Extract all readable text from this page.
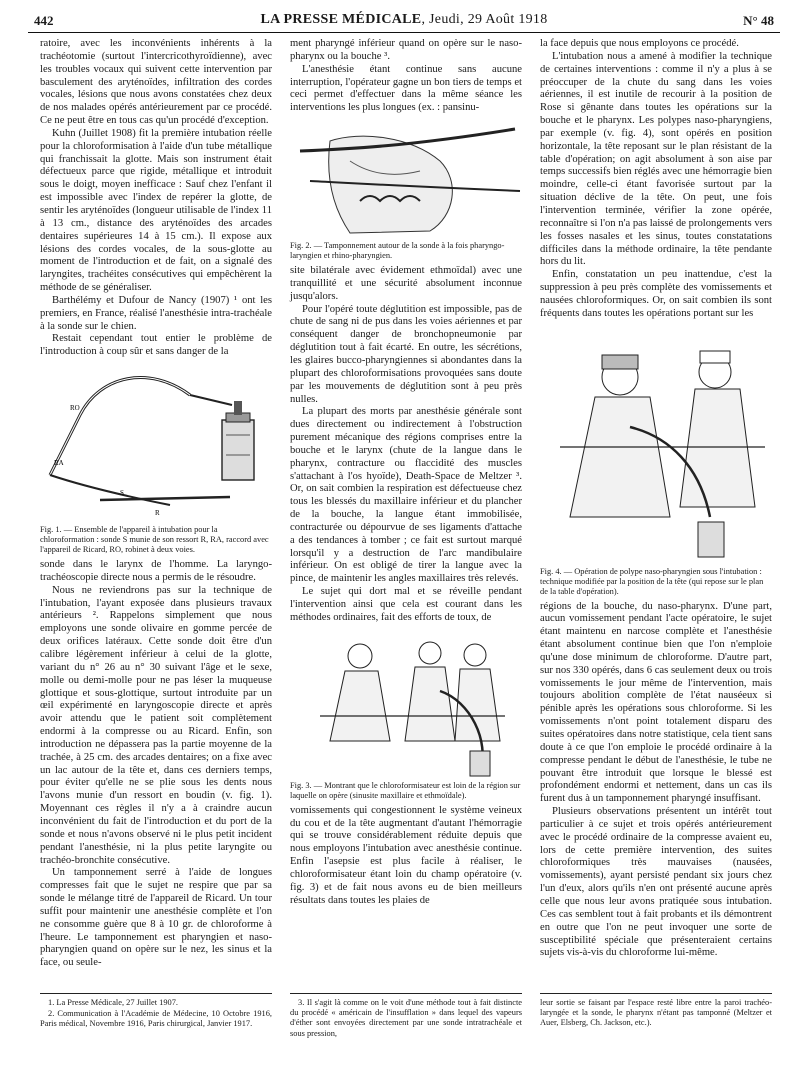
442	LA PRESSE MÉDICALE, Jeudi, 29 Août 1918	N° 48

ratoire, avec les inconvénients inhérents à la trachéotomie (surtout l'intercricothyroïdienne), avec les troubles vocaux qui suivent cette intervention par basculement des aryténoïdes, infiltration des cordes vocales, lésions que nous avons constatées chez deux de nos malades opérés antérieurement par ce procédé. Ce ne peut être en tous cas qu'un procédé d'exception.

Kuhn (Juillet 1908) fit la première intubation réelle pour la chloroformisation à l'aide d'un tube métallique qui franchissait la glotte. Mais son instrument était défectueux parce que rigide, métallique et introduit sous le doigt, moyen inefficace : Sauf chez l'enfant il est impossible avec l'index de repérer la glotte, de sentir les aryténoïdes (longueur utilisable de l'index 11 à 13 cm., distance des aryténoïdes des arcades dentaires supérieures 14 à 15 cm.). Il expose aux lésions des cordes vocales, de la sous-glotte au moment de l'introduction et de fait, on a signalé des laryngites, trachéites consécutives qui empêchèrent la méthode de se généraliser.

Barthélémy et Dufour de Nancy (1907) ¹ ont les premiers, en France, réalisé l'anesthésie intra-trachéale à la sonde sur le chien.

Restait cependant tout entier le problème de l'introduction à coup sûr et sans danger de la

RO
RA
S
R

Fig. 1. — Ensemble de l'appareil à intubation pour la chloroformation : sonde S munie de son ressort R, RA, raccord avec l'appareil de Ricard, RO, robinet à deux voies.

sonde dans le larynx de l'homme. La laryngo-trachéoscopie directe nous a permis de le résoudre.

Nous ne reviendrons pas sur la technique de l'intubation, l'ayant exposée dans plusieurs travaux antérieurs ². Rappelons simplement que nous employons une sonde olivaire en gomme percée de deux orifices latéraux. Cette sonde doit être d'un calibre légèrement inférieur à celui de la glotte, variant du n° 26 au n° 30 suivant l'âge et le sexe, molle ou demi-molle pour ne pas léser la muqueuse glottique et sous-glottique, surtout introduite par un œil expérimenté en laryngoscopie directe et après avoir attendu que le patient soit complètement endormi à la compresse ou au Ricard. Enfin, son introduction ne dépassera pas la partie moyenne de la trachée, à 25 cm. des arcades dentaires; on a fixe avec un lac autour de la tête et, dans ces derniers temps, pour éviter qu'elle ne se plie sous les dents nous l'avons munie d'un ressort en boudin (v. fig. 1). Moyennant ces règles il n'y a à craindre aucun inconvénient du fait de l'introduction et du port de la sonde et nous n'avons observé ni le plus petit incident pendant l'anesthésie, ni la plus petite laryngite ou trachéo-bronchite consécutive.

Un tamponnement serré à l'aide de longues compresses fait que le sujet ne respire que par sa sonde le mélange titré de l'appareil de Ricard. Un tour suffit pour maintenir une anesthésie complète et l'on ne consomme guère que 8 à 10 gr. de chloroforme à l'heure. Le tamponnement est pharyngien et naso-pharyngien quand on opère sur le nez, les sinus et la face, ou seule-

ment pharyngé inférieur quand on opère sur le naso-pharynx ou la bouche ³.

L'anesthésie étant continue sans aucune interruption, l'opérateur gagne un bon tiers de temps et ceci permet d'effectuer dans la même séance les interventions les plus longues (ex. : pansinu-

Fig. 2. — Tamponnement autour de la sonde à la fois pharyngo-laryngien et rhino-pharyngien.

site bilatérale avec évidement ethmoïdal) avec une tranquillité et une sécurité absolument inconnue jusqu'alors.

Pour l'opéré toute déglutition est impossible, pas de chute de sang ni de pus dans les voies aériennes et par conséquent danger de bronchopneumonie par déglutition tout à fait écarté. En outre, les sécrétions, les glaires bucco-pharyngiennes si abondantes dans la plupart des chloroformisations provoquées sans doute par les mouvements de déglutition sont à peu près nulles.

La plupart des morts par anesthésie générale sont dues directement ou indirectement à l'obstruction purement mécanique des régions comprises entre la bouche et le larynx (chute de la langue dans le pharynx, contracture ou flaccidité des muscles s'attachant à l'os hyoïde), Death-Space de Meltzer ³. Or, on sait combien la respiration est défectueuse chez tous les blessés du maxillaire inférieur et du plancher de la bouche, la langue étant immobilisée, contracturée ou dépourvue de ses ligaments d'attache a des tendances à tomber ; ce fait est surtout marqué lorsqu'il y a destruction de l'arc mandibulaire inférieur. On est obligé de tirer la langue avec la pince, de maintenir les angles maxillaires très relevés.

Le sujet qui dort mal et se réveille pendant l'intervention ainsi que cela est courant dans les méthodes ordinaires, fait des efforts de toux, de

Fig. 3. — Montrant que le chloroformisateur est loin de la région sur laquelle on opère (sinusite maxillaire et ethmoïdale).

vomissements qui congestionnent le système veineux du cou et de la tête augmentant d'autant l'hémorragie qui se trouve considérablement réduite depuis que nous employons l'intubation avec anesthésie continue. Enfin l'asepsie est plus facile à réaliser, le chloroformisateur étant loin du champ opératoire (v. fig. 3) et de fait nous avons eu de bien meilleurs résultats dans toutes les plaies de

la face depuis que nous employons ce procédé.

L'intubation nous a amené à modifier la technique de certaines interventions : comme il n'y a plus à se préoccuper de la chute du sang dans les voies aériennes, il est inutile de recourir à la position de Rose si gênante dans toutes les opérations sur la bouche et le pharynx. Les polypes naso-pharyngiens, par exemple (v. fig. 4), sont opérés en position horizontale, la tête reposant sur le plan résistant de la table d'opération; on agit absolument à son aise par temps successifs bien réglés avec une hémorragie bien moindre, celle-ci étant favorisée surtout par la situation déclive de la tête. On peut, une fois l'intervention terminée, vérifier la zone opérée, reconnaître si l'on n'a pas laissé de prolongements vers les fosses nasales et les sinus, toutes constatations difficiles dans la méthode ordinaire, la tête pendante hors du lit.

Enfin, constatation un peu inattendue, c'est la suppression à peu près complète des vomissements et nausées chloroformiques. Or, on sait combien ils sont fréquents dans toutes les opérations portant sur les

Fig. 4. — Opération de polype naso-pharyngien sous l'intubation : technique modifiée par la position de la tête (qui repose sur le plan de la table d'opération).

régions de la bouche, du naso-pharynx. D'une part, aucun vomissement pendant l'acte opératoire, le sujet étant maintenu en narcose complète et l'anesthésie étant absolument continue bien que l'on n'emploie qu'une dose minimum de chloroforme. D'autre part, sur nos 330 opérés, dans 6 cas seulement deux ou trois vomissements le jour même de l'intervention, mais toujours abolition complète de l'état nauséeux si pénible après les opérations sous chloroforme. Si les vomissements n'ont point totalement disparu des suites opératoires dans notre statistique, cela tient sans doute à ce que l'on emploie le procédé ordinaire à la compresse pendant le début de l'anesthésie, le tube ne pouvant être introduit que lorsque le blessé est profondément endormi et nettement, dans un cas ils furent dus à un tamponnement pharyngé insuffisant.

Plusieurs observations présentent un intérêt tout particulier à ce sujet et trois opérés antérieurement avec le procédé ordinaire de la compresse avaient eu, lors de cette première intervention, des suites chloroformiques très mauvaises (nausées, vomissements), ayant persisté pendant six jours chez l'un d'eux, alors qu'ils n'en ont présenté aucune après celle que nous leur avons pratiquée sous intubation. Ces cas semblent tout à fait probants et ils démontrent en outre que l'on ne peut invoquer une sorte de susceptibilité spéciale que présenteraient certains sujets vis-à-vis du chloroforme lui-même.

1. La Presse Médicale, 27 Juillet 1907.

2. Communication à l'Académie de Médecine, 10 Octobre 1916, Paris médical, Novembre 1916, Paris chirurgical, Janvier 1917.

3. Il s'agit là comme on le voit d'une méthode tout à fait distincte du procédé « américain de l'insufflation » dans lequel des vapeurs d'éther sont envoyées directement par une sonde intratrachéale et sous pression,

leur sortie se faisant par l'espace resté libre entre la paroi trachéo-laryngée et la sonde, le pharynx n'étant pas tamponné (Meltzer et Auer, Elsberg, Ch. Jackson, etc.).
